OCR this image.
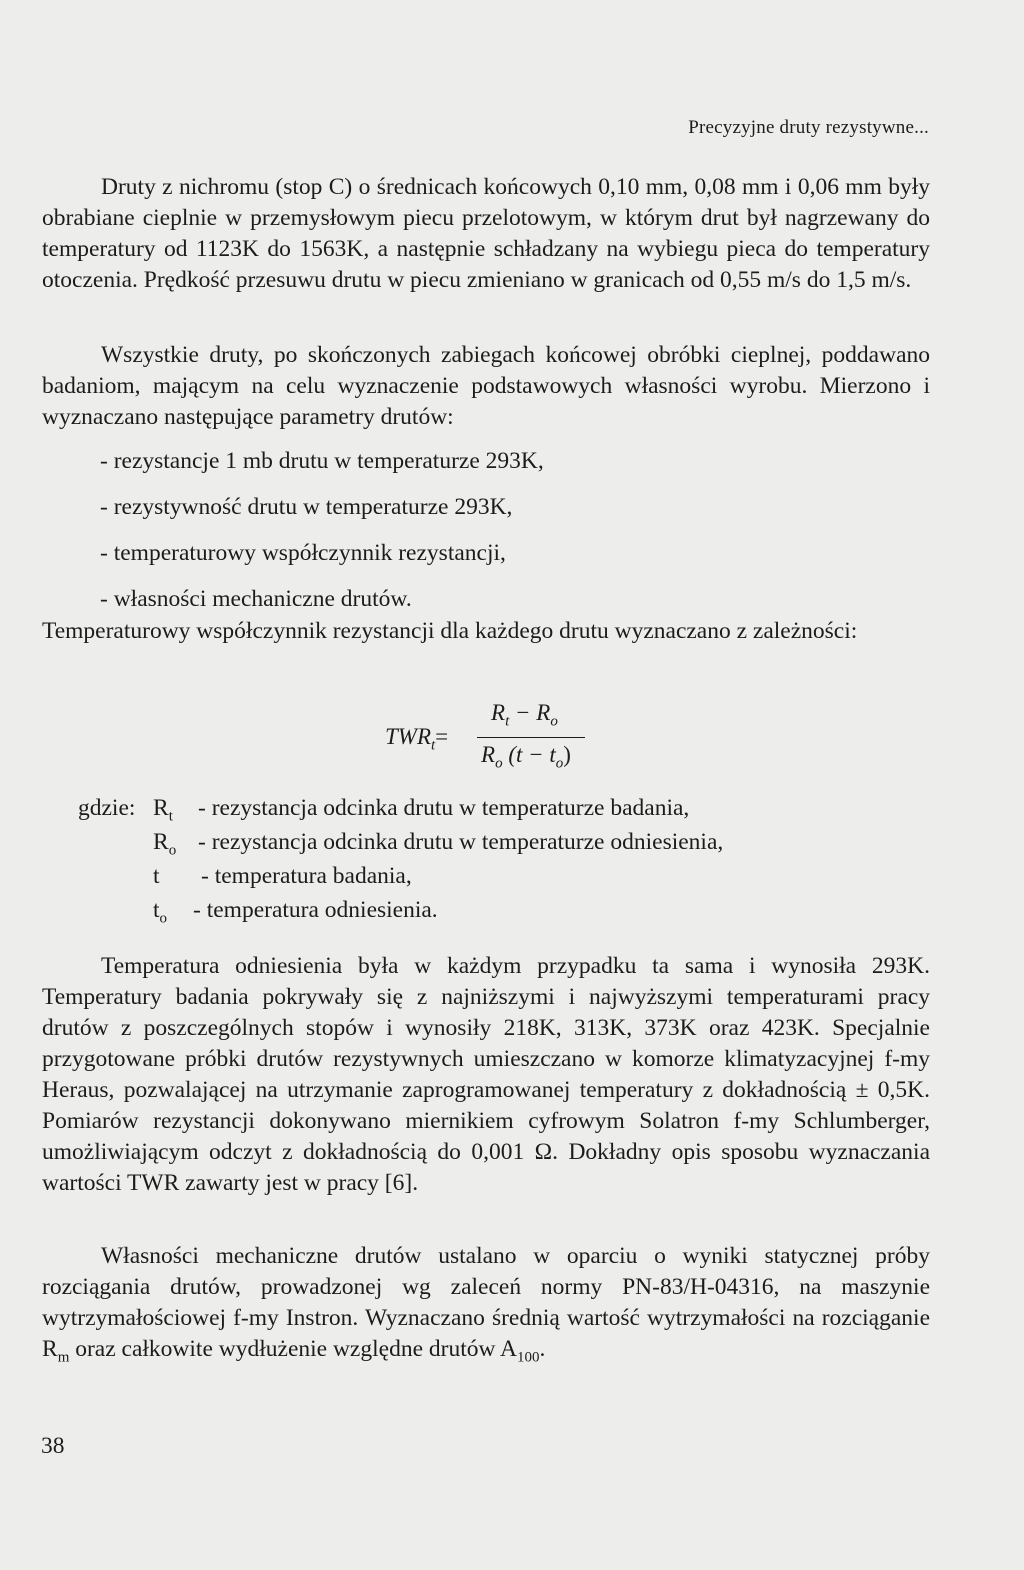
Precyzyjne druty rezystywne...

Druty z nichromu (stop C) o średnicach końcowych 0,10 mm, 0,08 mm i 0,06 mm były obrabiane cieplnie w przemysłowym piecu przelotowym, w którym drut był nagrzewany do temperatury od 1123K do 1563K, a następnie schładzany na wybiegu pieca do temperatury otoczenia. Prędkość przesuwu drutu w piecu zmieniano w granicach od 0,55 m/s do 1,5 m/s.

Wszystkie druty, po skończonych zabiegach końcowej obróbki cieplnej, poddawano badaniom, mającym na celu wyznaczenie podstawowych własności wyrobu. Mierzono i wyznaczano następujące parametry drutów:

- rezystancje 1 mb drutu w temperaturze 293K,
- rezystywność drutu w temperaturze 293K,
- temperaturowy współczynnik rezystancji,
- własności mechaniczne drutów.

Temperaturowy współczynnik rezystancji dla każdego drutu wyznaczano z zależności:

$TWR_t=$
$R_t - R_o$
$R_o$ $(t - t_o)$
gdzie: $R_t$ - rezystancja odcinka drutu w temperaturze badania,
$R_o$ - rezystancja odcinka drutu w temperaturze odniesienia,
t - temperatura badania,
$t_o$ - temperatura odniesienia.

Temperatura odniesienia była w każdym przypadku ta sama i wynosiła 293K. Temperatury badania pokrywały się z najniższymi i najwyższymi temperaturami pracy drutów z poszczególnych stopów i wynosiły 218K, 313K, 373K oraz 423K. Specjalnie przygotowane próbki drutów rezystywnych umieszczano w komorze klimatyzacyjnej f-my Heraus, pozwalającej na utrzymanie zaprogramowanej temperatury z dokładnością ± 0,5K. Pomiarów rezystancji dokonywano miernikiem cyfrowym Solatron f-my Schlumberger, umożliwiającym odczyt z dokładnością do 0,001 Ω. Dokładny opis sposobu wyznaczania wartości TWR zawarty jest w pracy [6].

Własności mechaniczne drutów ustalano w oparciu o wyniki statycznej próby rozciągania drutów, prowadzonej wg zaleceń normy PN-83/H-04316, na maszynie wytrzymałościowej f-my Instron. Wyznaczano średnią wartość wytrzymałości na rozciąganie $R_m$ oraz całkowite wydłużenie względne drutów $A_{100}$.

38
